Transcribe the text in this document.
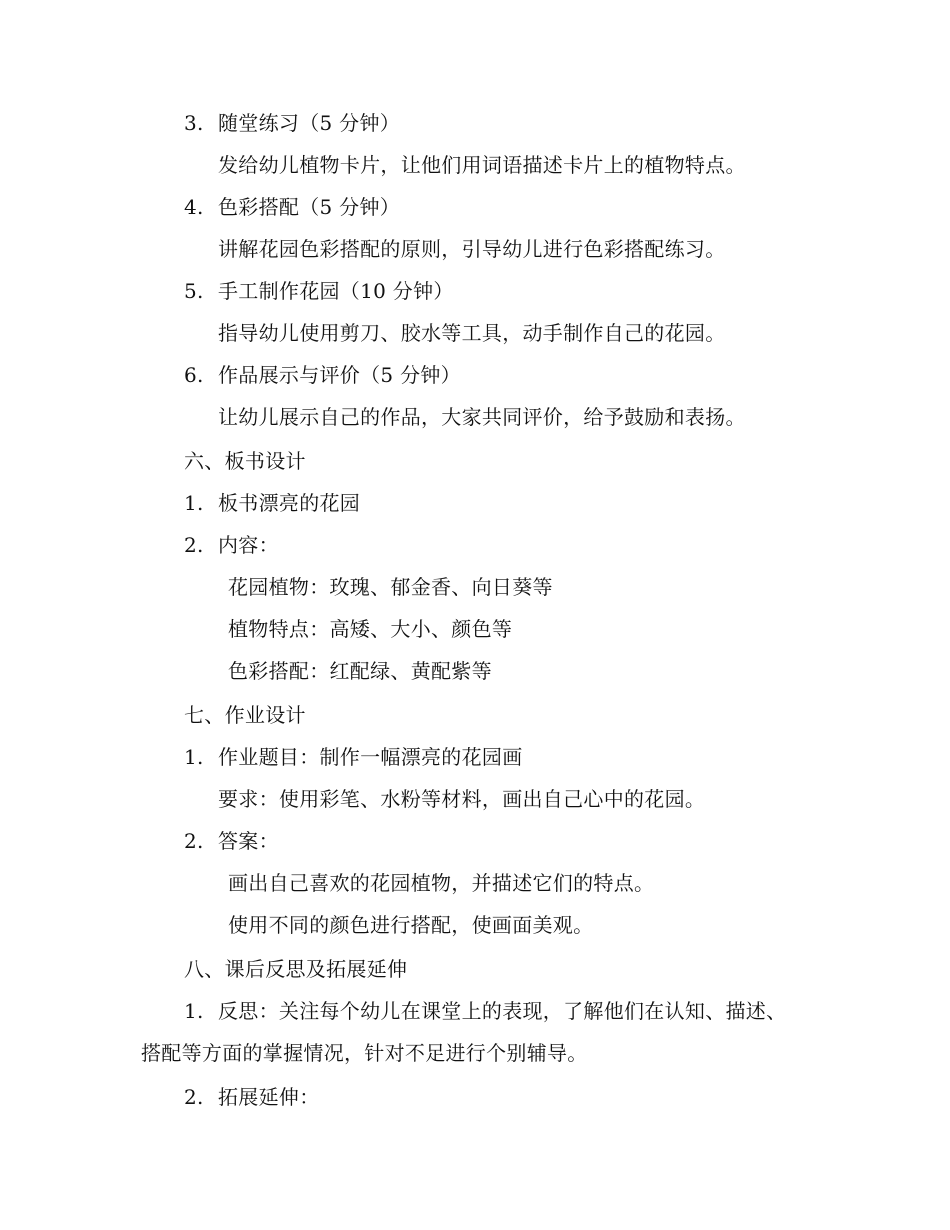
3. 随堂练习（5 分钟）
发给幼儿植物卡片，让他们用词语描述卡片上的植物特点。
4. 色彩搭配（5 分钟）
讲解花园色彩搭配的原则，引导幼儿进行色彩搭配练习。
5. 手工制作花园（10 分钟）
指导幼儿使用剪刀、胶水等工具，动手制作自己的花园。
6. 作品展示与评价（5 分钟）
让幼儿展示自己的作品，大家共同评价，给予鼓励和表扬。
六、板书设计
1. 板书漂亮的花园
2. 内容：
花园植物：玫瑰、郁金香、向日葵等
植物特点：高矮、大小、颜色等
色彩搭配：红配绿、黄配紫等
七、作业设计
1. 作业题目：制作一幅漂亮的花园画
要求：使用彩笔、水粉等材料，画出自己心中的花园。
2. 答案：
画出自己喜欢的花园植物，并描述它们的特点。
使用不同的颜色进行搭配，使画面美观。
八、课后反思及拓展延伸
1. 反思：关注每个幼儿在课堂上的表现，了解他们在认知、描述、
搭配等方面的掌握情况，针对不足进行个别辅导。
2. 拓展延伸：
